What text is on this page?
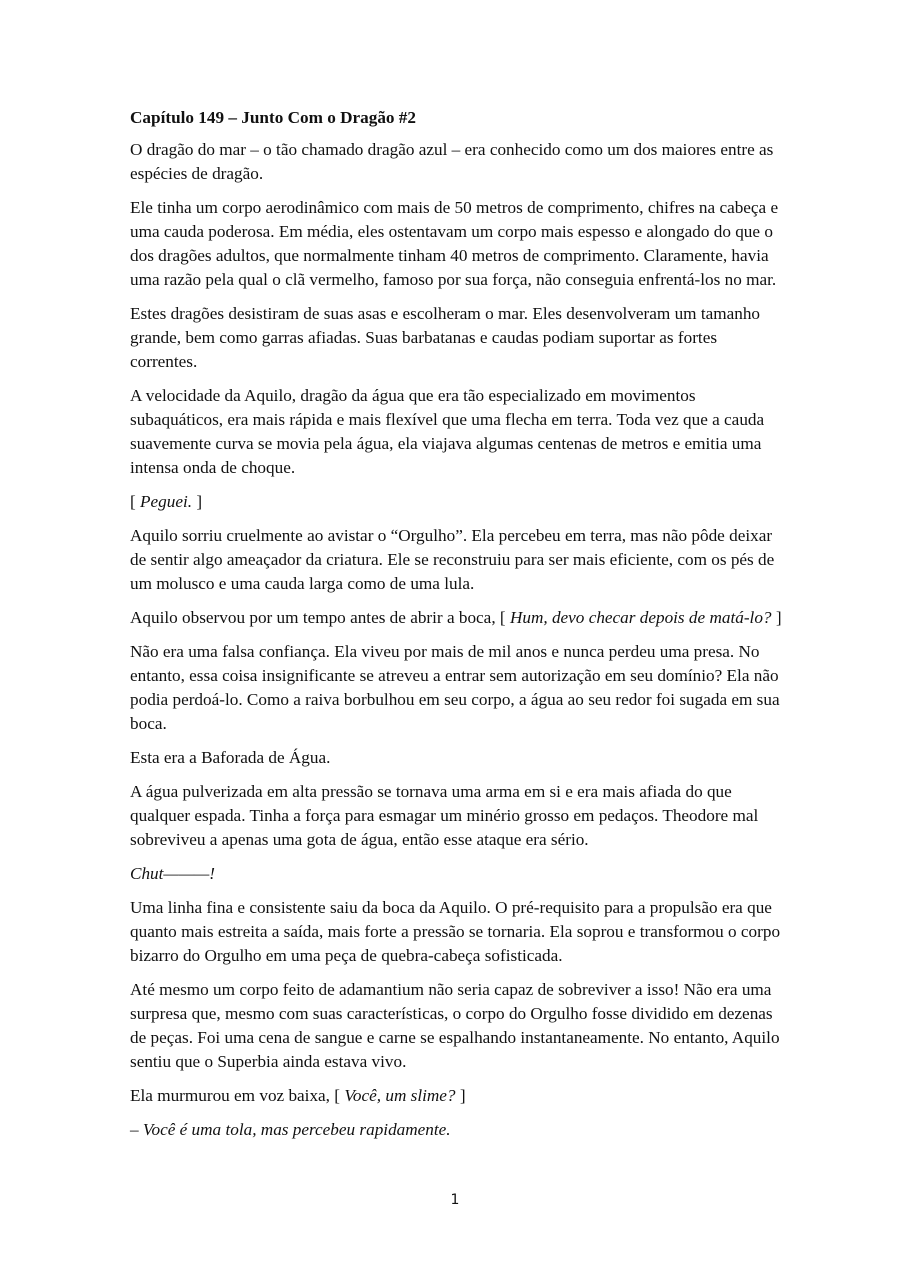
Capítulo 149 – Junto Com o Dragão #2

O dragão do mar – o tão chamado dragão azul – era conhecido como um dos maiores entre as espécies de dragão.

Ele tinha um corpo aerodinâmico com mais de 50 metros de comprimento, chifres na cabeça e uma cauda poderosa. Em média, eles ostentavam um corpo mais espesso e alongado do que o dos dragões adultos, que normalmente tinham 40 metros de comprimento. Claramente, havia uma razão pela qual o clã vermelho, famoso por sua força, não conseguia enfrentá-los no mar.

Estes dragões desistiram de suas asas e escolheram o mar. Eles desenvolveram um tamanho grande, bem como garras afiadas. Suas barbatanas e caudas podiam suportar as fortes correntes.

A velocidade da Aquilo, dragão da água que era tão especializado em movimentos subaquáticos, era mais rápida e mais flexível que uma flecha em terra. Toda vez que a cauda suavemente curva se movia pela água, ela viajava algumas centenas de metros e emitia uma intensa onda de choque.

[ Peguei. ]

Aquilo sorriu cruelmente ao avistar o “Orgulho”. Ela percebeu em terra, mas não pôde deixar de sentir algo ameaçador da criatura. Ele se reconstruiu para ser mais eficiente, com os pés de um molusco e uma cauda larga como de uma lula.

Aquilo observou por um tempo antes de abrir a boca, [ Hum, devo checar depois de matá-lo? ]

Não era uma falsa confiança. Ela viveu por mais de mil anos e nunca perdeu uma presa. No entanto, essa coisa insignificante se atreveu a entrar sem autorização em seu domínio? Ela não podia perdoá-lo. Como a raiva borbulhou em seu corpo, a água ao seu redor foi sugada em sua boca.

Esta era a Baforada de Água.

A água pulverizada em alta pressão se tornava uma arma em si e era mais afiada do que qualquer espada. Tinha a força para esmagar um minério grosso em pedaços. Theodore mal sobreviveu a apenas uma gota de água, então esse ataque era sério.

Chut———!

Uma linha fina e consistente saiu da boca da Aquilo. O pré-requisito para a propulsão era que quanto mais estreita a saída, mais forte a pressão se tornaria. Ela soprou e transformou o corpo bizarro do Orgulho em uma peça de quebra-cabeça sofisticada.

Até mesmo um corpo feito de adamantium não seria capaz de sobreviver a isso! Não era uma surpresa que, mesmo com suas características, o corpo do Orgulho fosse dividido em dezenas de peças. Foi uma cena de sangue e carne se espalhando instantaneamente. No entanto, Aquilo sentiu que o Superbia ainda estava vivo.

Ela murmurou em voz baixa, [ Você, um slime? ]

– Você é uma tola, mas percebeu rapidamente.

1
